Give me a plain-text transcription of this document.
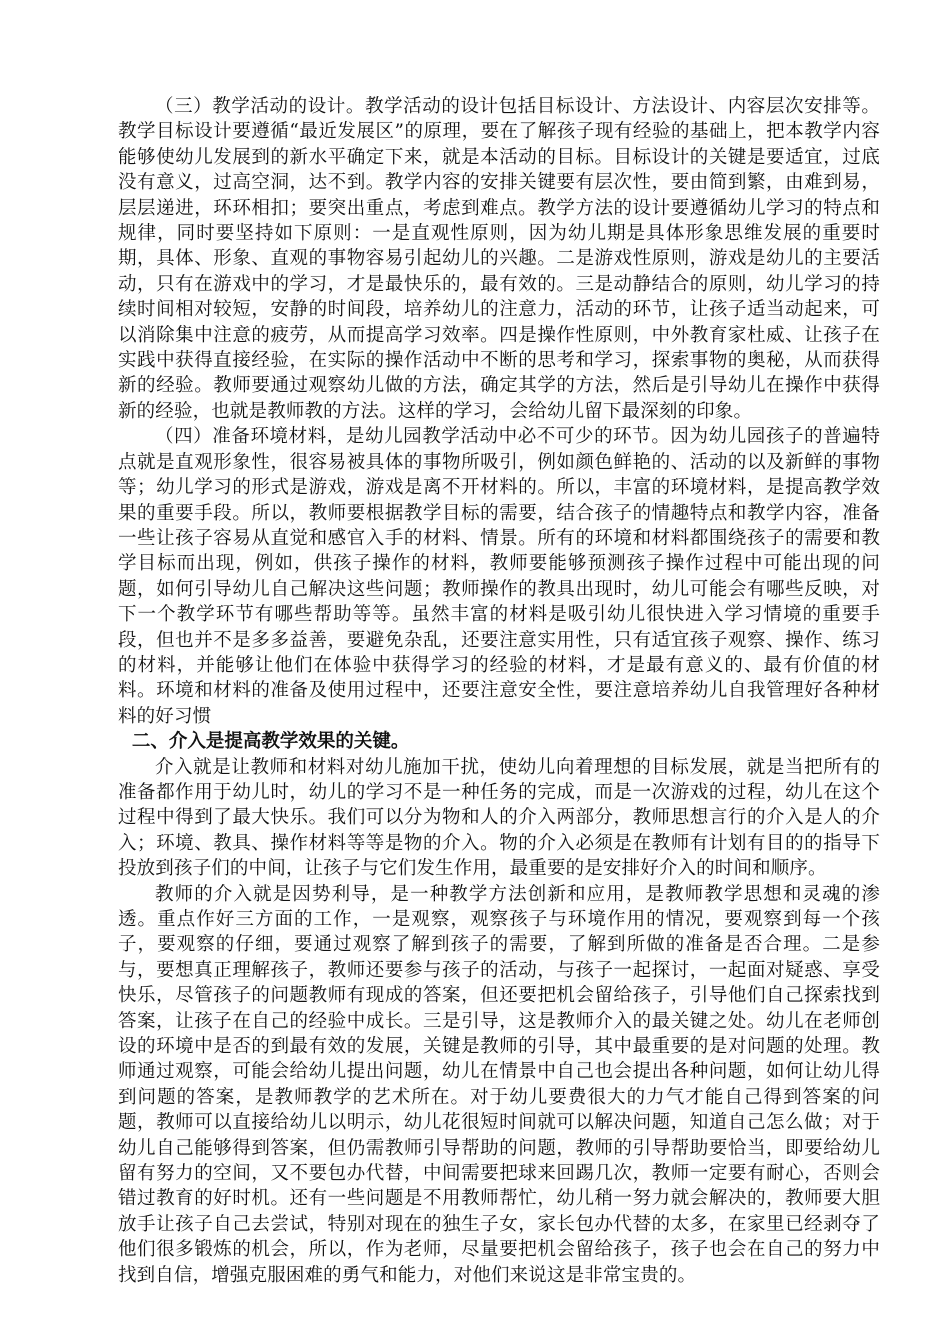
（三）教学活动的设计。教学活动的设计包括目标设计、方法设计、内容层次安排等。教学目标设计要遵循“最近发展区”的原理，要在了解孩子现有经验的基础上，把本教学内容能够使幼儿发展到的新水平确定下来，就是本活动的目标。目标设计的关键是要适宜，过底没有意义，过高空洞，达不到。教学内容的安排关键要有层次性，要由简到繁，由难到易，层层递进，环环相扣；要突出重点，考虑到难点。教学方法的设计要遵循幼儿学习的特点和规律，同时要坚持如下原则：一是直观性原则，因为幼儿期是具体形象思维发展的重要时期，具体、形象、直观的事物容易引起幼儿的兴趣。二是游戏性原则，游戏是幼儿的主要活动，只有在游戏中的学习，才是最快乐的，最有效的。三是动静结合的原则，幼儿学习的持续时间相对较短，安静的时间段，培养幼儿的注意力，活动的环节，让孩子适当动起来，可以消除集中注意的疲劳，从而提高学习效率。四是操作性原则，中外教育家杜威、让孩子在实践中获得直接经验，在实际的操作活动中不断的思考和学习，探索事物的奥秘，从而获得新的经验。教师要通过观察幼儿做的方法，确定其学的方法，然后是引导幼儿在操作中获得新的经验，也就是教师教的方法。这样的学习，会给幼儿留下最深刻的印象。

（四）准备环境材料，是幼儿园教学活动中必不可少的环节。因为幼儿园孩子的普遍特点就是直观形象性，很容易被具体的事物所吸引，例如颜色鲜艳的、活动的以及新鲜的事物等；幼儿学习的形式是游戏，游戏是离不开材料的。所以，丰富的环境材料，是提高教学效果的重要手段。所以，教师要根据教学目标的需要，结合孩子的情趣特点和教学内容，准备一些让孩子容易从直觉和感官入手的材料、情景。所有的环境和材料都围绕孩子的需要和教学目标而出现，例如，供孩子操作的材料，教师要能够预测孩子操作过程中可能出现的问题，如何引导幼儿自己解决这些问题；教师操作的教具出现时，幼儿可能会有哪些反映，对下一个教学环节有哪些帮助等等。虽然丰富的材料是吸引幼儿很快进入学习情境的重要手段，但也并不是多多益善，要避免杂乱，还要注意实用性，只有适宜孩子观察、操作、练习的材料，并能够让他们在体验中获得学习的经验的材料，才是最有意义的、最有价值的材料。环境和材料的准备及使用过程中，还要注意安全性，要注意培养幼儿自我管理好各种材料的好习惯

二、介入是提高教学效果的关键。

介入就是让教师和材料对幼儿施加干扰，使幼儿向着理想的目标发展，就是当把所有的准备都作用于幼儿时，幼儿的学习不是一种任务的完成，而是一次游戏的过程，幼儿在这个过程中得到了最大快乐。我们可以分为物和人的介入两部分，教师思想言行的介入是人的介入；环境、教具、操作材料等等是物的介入。物的介入必须是在教师有计划有目的的指导下投放到孩子们的中间，让孩子与它们发生作用，最重要的是安排好介入的时间和顺序。

教师的介入就是因势利导，是一种教学方法创新和应用，是教师教学思想和灵魂的渗透。重点作好三方面的工作，一是观察，观察孩子与环境作用的情况，要观察到每一个孩子，要观察的仔细，要通过观察了解到孩子的需要，了解到所做的准备是否合理。二是参与，要想真正理解孩子，教师还要参与孩子的活动，与孩子一起探讨，一起面对疑惑、享受快乐，尽管孩子的问题教师有现成的答案，但还要把机会留给孩子，引导他们自己探索找到答案，让孩子在自己的经验中成长。三是引导，这是教师介入的最关键之处。幼儿在老师创设的环境中是否的到最有效的发展，关键是教师的引导，其中最重要的是对问题的处理。教师通过观察，可能会给幼儿提出问题，幼儿在情景中自己也会提出各种问题，如何让幼儿得到问题的答案，是教师教学的艺术所在。对于幼儿要费很大的力气才能自己得到答案的问题，教师可以直接给幼儿以明示，幼儿花很短时间就可以解决问题，知道自己怎么做；对于幼儿自己能够得到答案，但仍需教师引导帮助的问题，教师的引导帮助要恰当，即要给幼儿留有努力的空间，又不要包办代替，中间需要把球来回踢几次，教师一定要有耐心，否则会错过教育的好时机。还有一些问题是不用教师帮忙，幼儿稍一努力就会解决的，教师要大胆放手让孩子自己去尝试，特别对现在的独生子女，家长包办代替的太多，在家里已经剥夺了他们很多锻炼的机会，所以，作为老师，尽量要把机会留给孩子，孩子也会在自己的努力中找到自信，增强克服困难的勇气和能力，对他们来说这是非常宝贵的。
